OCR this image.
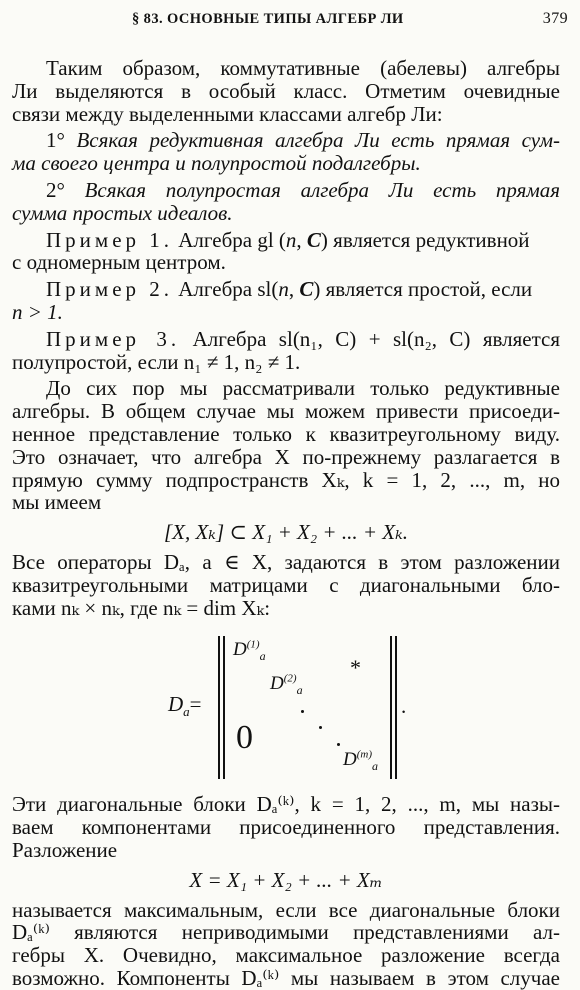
§ 83. ОСНОВНЫЕ ТИПЫ АЛГЕБР ЛИ	379
Таким образом, коммутативные (абелевы) алгебры
Ли выделяются в особый класс. Отметим очевидные
связи между выделенными классами алгебр Ли:
1° Всякая редуктивная алгебра Ли есть прямая сум-
ма своего центра и полупростой подалгебры.
2° Всякая полупростая алгебра Ли есть прямая
сумма простых идеалов.
Пример 1. Алгебра gl (n, C) является редуктивной
с одномерным центром.
Пример 2. Алгебра sl(n, C) является простой, если
n > 1.
Пример 3. Алгебра sl(n₁, C) + sl(n₂, C) является
полупростой, если n₁ ≠ 1, n₂ ≠ 1.
До сих пор мы рассматривали только редуктивные
алгебры. В общем случае мы можем привести присоеди-
ненное представление только к квазитреугольному виду.
Это означает, что алгебра X по-прежнему разлагается в
прямую сумму подпространств Xₖ, k = 1, 2, ..., m, но
мы имеем
[X, Xₖ] ⊂ X₁ + X₂ + ... + Xₖ.
Все операторы Dₐ, a ∈ X, задаются в этом разложении
квазитреугольными матрицами с диагональными бло-
ками nₖ × nₖ, где nₖ = dim Xₖ:
$D_a=$
$D^{(1)}_a$	*
$D^{(2)}_a$
0
$D^{(m)}_a$
.
Эти диагональные блоки Dₐ⁽ᵏ⁾, k = 1, 2, ..., m, мы назы-
ваем компонентами присоединенного представления.
Разложение
X = X₁ + X₂ + ... + Xₘ
называется максимальным, если все диагональные блоки
Dₐ⁽ᵏ⁾ являются неприводимыми представлениями ал-
гебры X. Очевидно, максимальное разложение всегда
возможно. Компоненты Dₐ⁽ᵏ⁾ мы называем в этом случае
